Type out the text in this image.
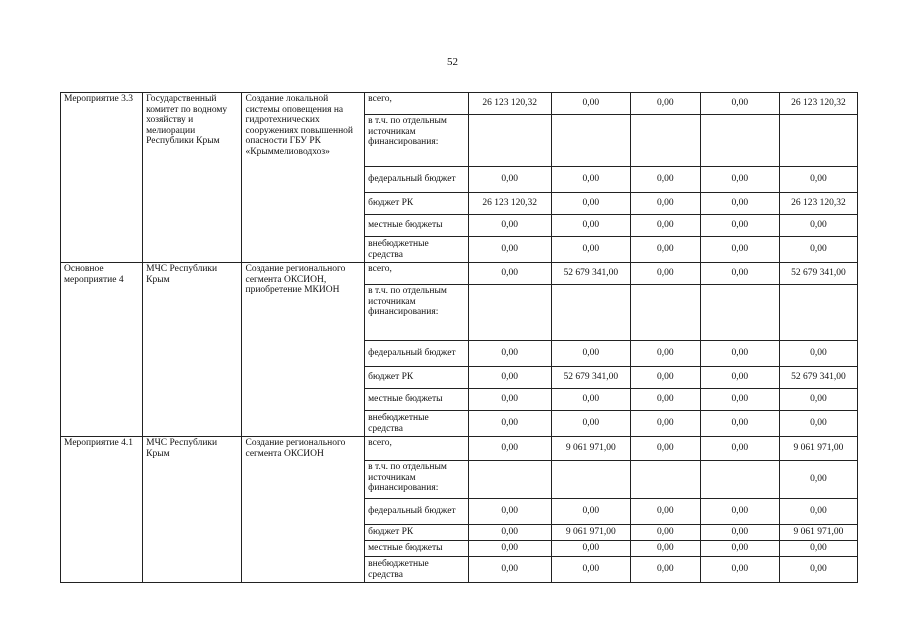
52
Мероприятие 3.3	Государственный комитет по водному хозяйству и мелиорации Республики Крым	Создание локальной системы оповещения на гидротехнических сооружениях повышенной опасности ГБУ РК «Крыммелиоводхоз»	всего,	26 123 120,32	0,00	0,00	0,00	26 123 120,32
			в т.ч. по отдельным источникам финансирования:					
			федеральный бюджет	0,00	0,00	0,00	0,00	0,00
			бюджет РК	26 123 120,32	0,00	0,00	0,00	26 123 120,32
			местные бюджеты	0,00	0,00	0,00	0,00	0,00
			внебюджетные средства	0,00	0,00	0,00	0,00	0,00
Основное мероприятие 4	МЧС Республики Крым	Создание регионального сегмента ОКСИОН, приобретение МКИОН	всего,	0,00	52 679 341,00	0,00	0,00	52 679 341,00
			в т.ч. по отдельным источникам финансирования:					
			федеральный бюджет	0,00	0,00	0,00	0,00	0,00
			бюджет РК	0,00	52 679 341,00	0,00	0,00	52 679 341,00
			местные бюджеты	0,00	0,00	0,00	0,00	0,00
			внебюджетные средства	0,00	0,00	0,00	0,00	0,00
Мероприятие 4.1	МЧС Республики Крым	Создание регионального сегмента ОКСИОН	всего,	0,00	9 061 971,00	0,00	0,00	9 061 971,00
			в т.ч. по отдельным источникам финансирования:					0,00
			федеральный бюджет	0,00	0,00	0,00	0,00	0,00
			бюджет РК	0,00	9 061 971,00	0,00	0,00	9 061 971,00
			местные бюджеты	0,00	0,00	0,00	0,00	0,00
			внебюджетные средства	0,00	0,00	0,00	0,00	0,00
